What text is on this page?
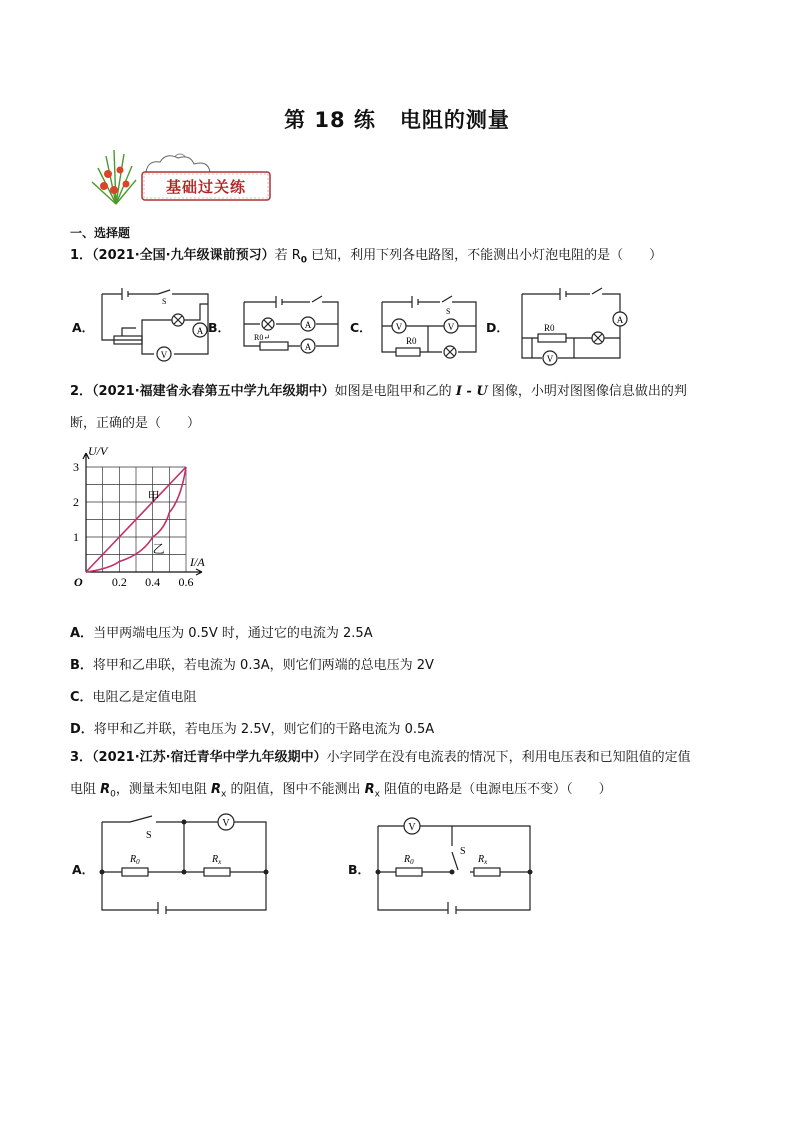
第 18 练 电阻的测量
基础过关练
一、选择题
1．（2021·全国·九年级课前预习）若 $R_0$ 已知，利用下列各电路图，不能测出小灯泡电阻的是（　　）
A．	B．	C．	D．
A
V
S
A
A
R0↵
V	V
S
R0
A
V
R0
2．（2021·福建省永春第五中学九年级期中）如图是电阻甲和乙的 I - U 图像，小明对图图像信息做出的判
断，正确的是（　　）
甲
乙
0.2 0.4 0.6
1
2
3
O
U/V
I/A
A．当甲两端电压为 0.5V 时，通过它的电流为 2.5A
B．将甲和乙串联，若电流为 0.3A，则它们两端的总电压为 2V
C．电阻乙是定值电阻
D．将甲和乙并联，若电压为 2.5V，则它们的干路电流为 0.5A
3．（2021·江苏·宿迁青华中学九年级期中）小字同学在没有电流表的情况下，利用电压表和已知阻值的定值
电阻 $R_0$，测量未知电阻 $R_x$ 的阻值，图中不能测出 $R_x$ 阻值的电路是（电源电压不变）（　　）
A．	B．
V
S
$R_0$	$R_x$
V
S
$R_0$	$R_x$
